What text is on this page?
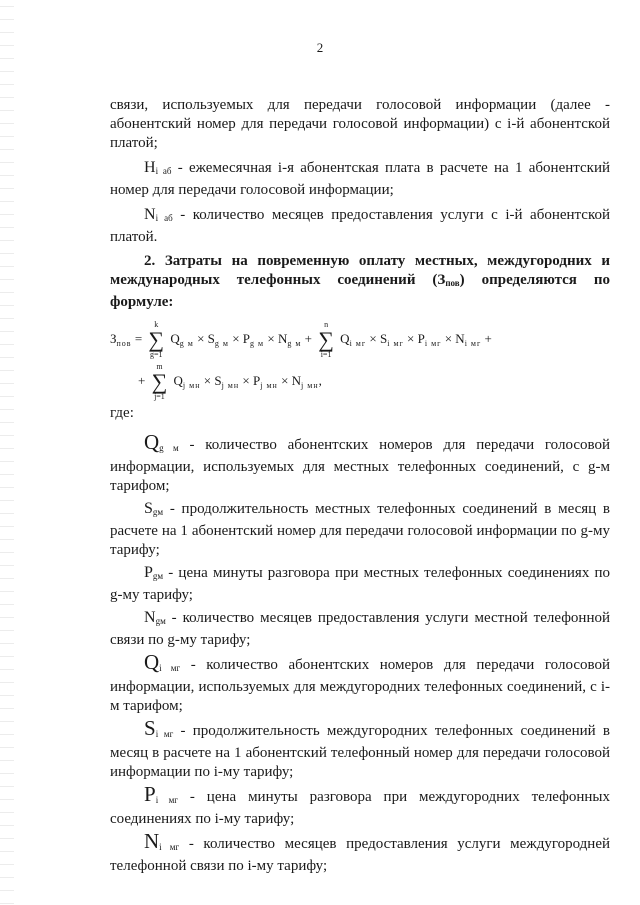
2

связи, используемых для передачи голосовой информации (далее - абонентский номер для передачи голосовой информации) с i-й абонентской платой;

$H_{i аб}$ - ежемесячная i-я абонентская плата в расчете на 1 абонентский номер для передачи голосовой информации;

$N_{i аб}$ - количество месяцев предоставления услуги с i-й абонентской платой.

2. Затраты на повременную оплату местных, междугородних и международных телефонных соединений $(З_{пов})$ определяются по формуле:

$З_{пов}$ =
k
∑
g=1
$Q_{g м} \times S_{g м} \times P_{g м} \times N_{g м}$ +
n
∑
i=1
$Q_{i мг} \times S_{i мг} \times P_{i мг} \times N_{i мг}$ +
+
m
∑
j=1
$Q_{j мн} \times S_{j мн} \times P_{j мн} \times N_{j мн}$,

где:

$Q_{g м}$ - количество абонентских номеров для передачи голосовой информации, используемых для местных телефонных соединений, с g-м тарифом;

$S_{gм}$ - продолжительность местных телефонных соединений в месяц в расчете на 1 абонентский номер для передачи голосовой информации по g-му тарифу;

$P_{gм}$ - цена минуты разговора при местных телефонных соединениях по g-му тарифу;

$N_{gм}$ - количество месяцев предоставления услуги местной телефонной связи по g-му тарифу;

$Q_{i мг}$ - количество абонентских номеров для передачи голосовой информации, используемых для междугородних телефонных соединений, с i-м тарифом;

$S_{i мг}$ - продолжительность междугородних телефонных соединений в месяц в расчете на 1 абонентский телефонный номер для передачи голосовой информации по i-му тарифу;

$P_{i мг}$ - цена минуты разговора при междугородних телефонных соединениях по i-му тарифу;

$N_{i мг}$ - количество месяцев предоставления услуги междугородней телефонной связи по i-му тарифу;
